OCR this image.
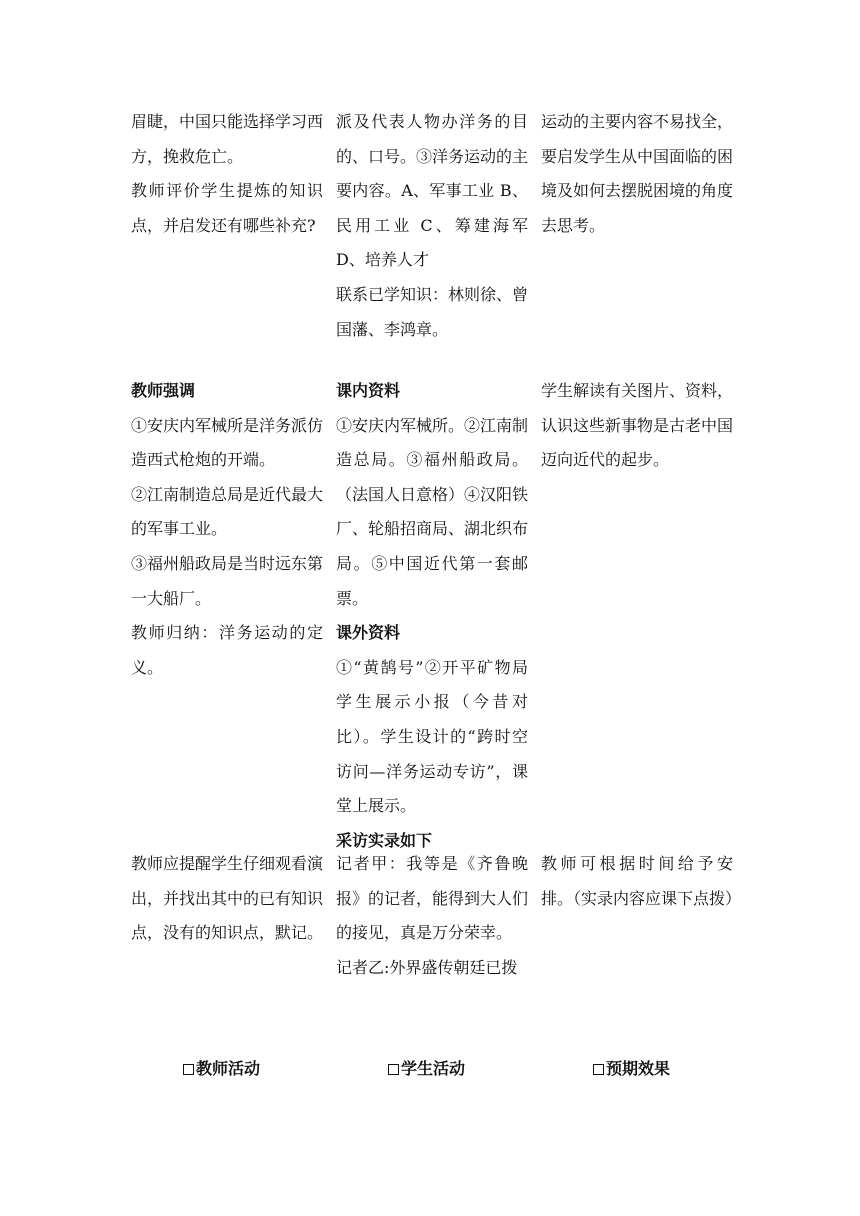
眉睫，中国只能选择学习西方，挽救危亡。

教师评价学生提炼的知识点，并启发还有哪些补充?

派及代表人物办洋务的目的、口号。③洋务运动的主要内容。A、军事工业 B、民用工业 C、筹建海军 D、培养人才

联系已学知识：林则徐、曾国藩、李鸿章。

运动的主要内容不易找全，要启发学生从中国面临的困境及如何去摆脱困境的角度去思考。

教师强调

①安庆内军械所是洋务派仿造西式枪炮的开端。

②江南制造总局是近代最大的军事工业。

③福州船政局是当时远东第一大船厂。

教师归纳：洋务运动的定义。

课内资料

①安庆内军械所。②江南制造总局。③福州船政局。（法国人日意格）④汉阳铁厂、轮船招商局、湖北织布局。⑤中国近代第一套邮票。

课外资料

①“黄鹄号”②开平矿物局学生展示小报（今昔对比）。学生设计的“跨时空访问—洋务运动专访”，课堂上展示。

采访实录如下

学生解读有关图片、资料，认识这些新事物是古老中国迈向近代的起步。

教师应提醒学生仔细观看演出，并找出其中的已有知识点，没有的知识点，默记。

记者甲：我等是《齐鲁晚报》的记者，能得到大人们的接见，真是万分荣幸。

记者乙:外界盛传朝廷已拨

教师可根据时间给予安排。（实录内容应课下点拨）

教师活动	学生活动	预期效果
